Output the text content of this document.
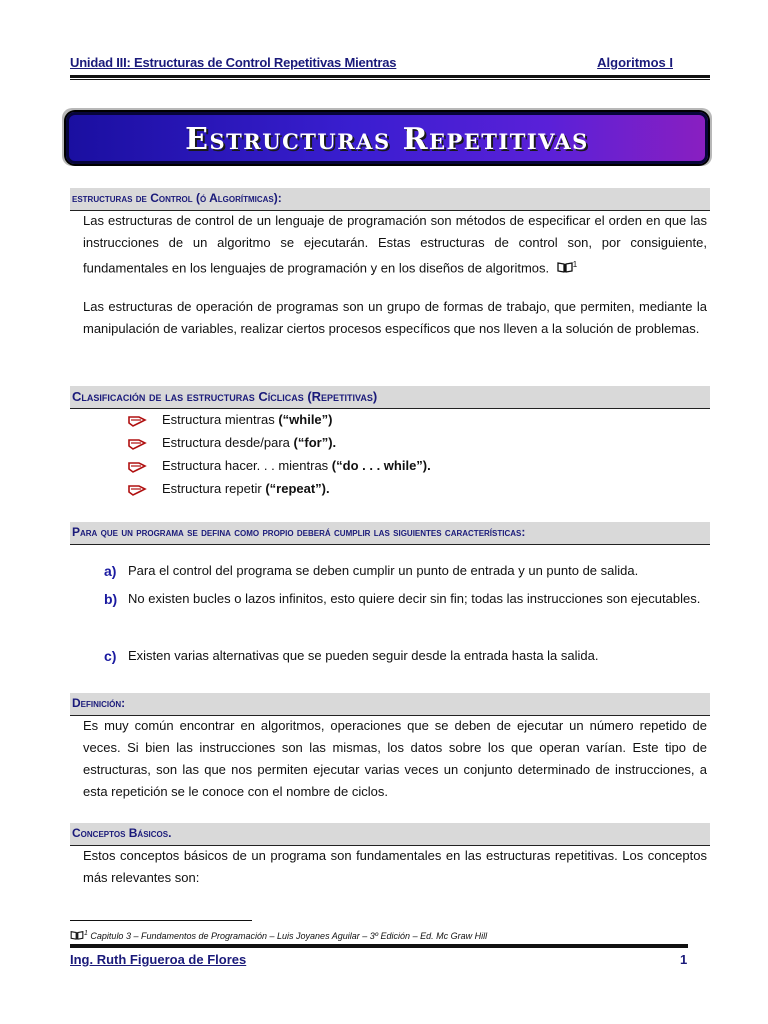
Unidad III: Estructuras de Control Repetitivas Mientras	Algoritmos I
Estructuras Repetitivas
estructuras de Control (ó Algorítmicas):
Las estructuras de control de un lenguaje de programación son métodos de especificar el orden en que las instrucciones de un algoritmo se ejecutarán. Estas estructuras de control son, por consiguiente, fundamentales en los lenguajes de programación y en los diseños de algoritmos.	$^1$
Las estructuras de operación de programas son un grupo de formas de trabajo, que permiten, mediante la manipulación de variables, realizar ciertos procesos específicos que nos lleven a la solución de problemas.
Clasificación de las estructuras Cíclicas (Repetitivas)
Estructura mientras (“while”)
Estructura desde/para (“for”).
Estructura hacer. . . mientras (“do . . . while”).
Estructura repetir (“repeat”).
Para que un programa se defina como propio deberá cumplir las siguientes características:
a) Para el control del programa se deben cumplir un punto de entrada y un punto de salida.
b) No existen bucles o lazos infinitos, esto quiere decir sin fin; todas las instrucciones son ejecutables.
c) Existen varias alternativas que se pueden seguir desde la entrada hasta la salida.
Definición:
Es muy común encontrar en algoritmos, operaciones que se deben de ejecutar un número repetido de veces. Si bien las instrucciones son las mismas, los datos sobre los que operan varían. Este tipo de estructuras, son las que nos permiten ejecutar varias veces un conjunto determinado de instrucciones, a esta repetición se le conoce con el nombre de ciclos.
Conceptos Básicos.
Estos conceptos básicos de un programa son fundamentales en las estructuras repetitivas. Los conceptos más relevantes son:
$^1$ Capitulo 3 – Fundamentos de Programación – Luis Joyanes Aguilar – 3º Edición – Ed. Mc Graw Hill
Ing. Ruth Figueroa de Flores	1
